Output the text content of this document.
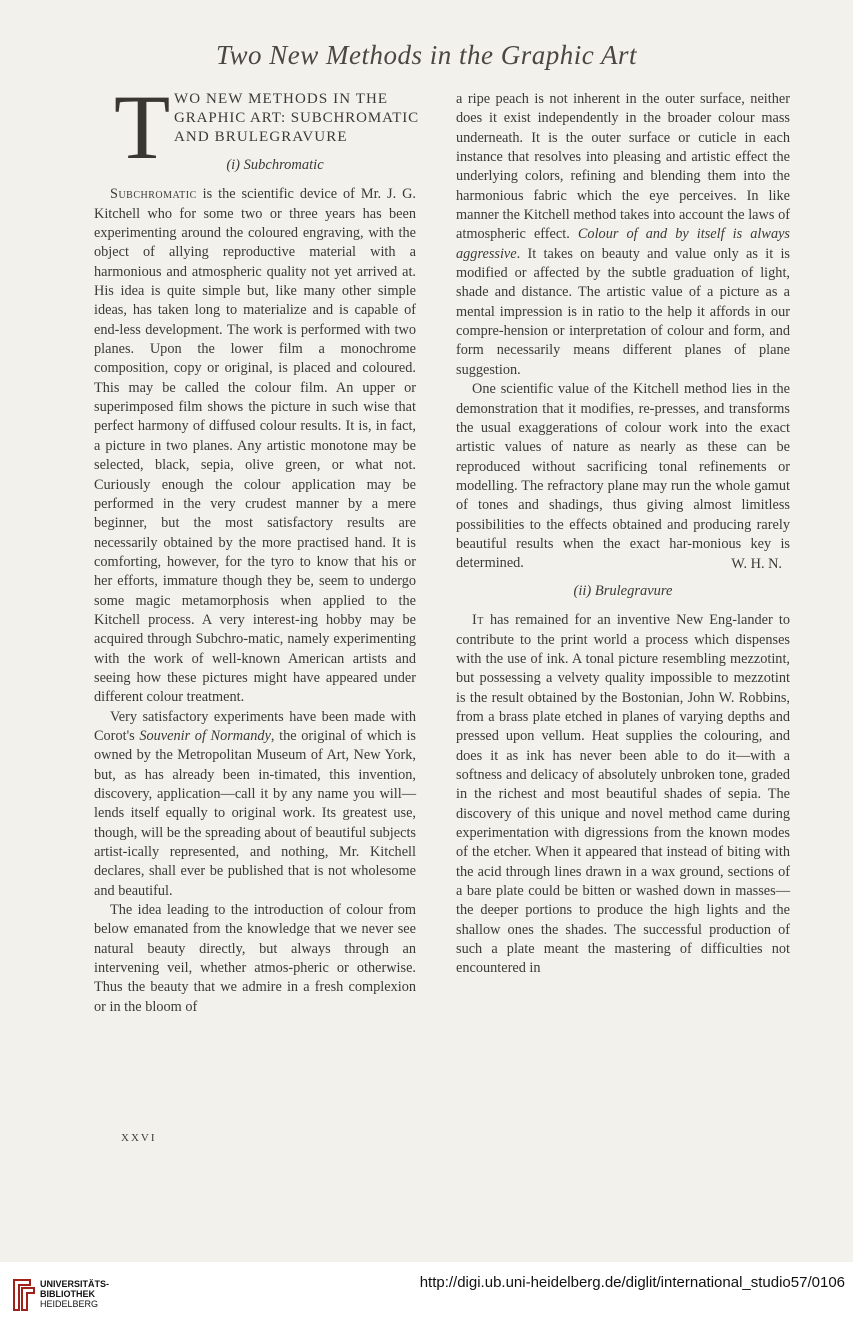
Two New Methods in the Graphic Art
T WO NEW METHODS IN THE
GRAPHIC ART: SUBCHROMATIC
AND BRULEGRAVURE
(i) Subchromatic

Subchromatic is the scientific device of Mr. J. G. Kitchell who for some two or three years has been experimenting around the coloured engraving, with the object of allying reproductive material with a harmonious and atmospheric quality not yet arrived at. His idea is quite simple but, like many other simple ideas, has taken long to materialize and is capable of end-less development. The work is performed with two planes. Upon the lower film a monochrome composition, copy or original, is placed and coloured. This may be called the colour film. An upper or superimposed film shows the picture in such wise that perfect harmony of diffused colour results. It is, in fact, a picture in two planes. Any artistic monotone may be selected, black, sepia, olive green, or what not. Curiously enough the colour application may be performed in the very crudest manner by a mere beginner, but the most satisfactory results are necessarily obtained by the more practised hand. It is comforting, however, for the tyro to know that his or her efforts, immature though they be, seem to undergo some magic metamorphosis when applied to the Kitchell process. A very interest-ing hobby may be acquired through Subchro-matic, namely experimenting with the work of well-known American artists and seeing how these pictures might have appeared under different colour treatment.

Very satisfactory experiments have been made with Corot's Souvenir of Normandy, the original of which is owned by the Metropolitan Museum of Art, New York, but, as has already been in-timated, this invention, discovery, application—call it by any name you will—lends itself equally to original work. Its greatest use, though, will be the spreading about of beautiful subjects artist-ically represented, and nothing, Mr. Kitchell declares, shall ever be published that is not wholesome and beautiful.

The idea leading to the introduction of colour from below emanated from the knowledge that we never see natural beauty directly, but always through an intervening veil, whether atmos-pheric or otherwise. Thus the beauty that we admire in a fresh complexion or in the bloom of

a ripe peach is not inherent in the outer surface, neither does it exist independently in the broader colour mass underneath. It is the outer surface or cuticle in each instance that resolves into pleasing and artistic effect the underlying colors, refining and blending them into the harmonious fabric which the eye perceives. In like manner the Kitchell method takes into account the laws of atmospheric effect. Colour of and by itself is always aggressive. It takes on beauty and value only as it is modified or affected by the subtle graduation of light, shade and distance. The artistic value of a picture as a mental impression is in ratio to the help it affords in our compre-hension or interpretation of colour and form, and form necessarily means different planes of plane suggestion.

One scientific value of the Kitchell method lies in the demonstration that it modifies, re-presses, and transforms the usual exaggerations of colour work into the exact artistic values of nature as nearly as these can be reproduced without sacrificing tonal refinements or modelling. The refractory plane may run the whole gamut of tones and shadings, thus giving almost limitless possibilities to the effects obtained and producing rarely beautiful results when the exact har-monious key is determined.	W. H. N.
(ii) Brulegravure

It has remained for an inventive New Eng-lander to contribute to the print world a process which dispenses with the use of ink. A tonal picture resembling mezzotint, but possessing a velvety quality impossible to mezzotint is the result obtained by the Bostonian, John W. Robbins, from a brass plate etched in planes of varying depths and pressed upon vellum. Heat supplies the colouring, and does it as ink has never been able to do it—with a softness and delicacy of absolutely unbroken tone, graded in the richest and most beautiful shades of sepia. The discovery of this unique and novel method came during experimentation with digressions from the known modes of the etcher. When it appeared that instead of biting with the acid through lines drawn in a wax ground, sections of a bare plate could be bitten or washed down in masses—the deeper portions to produce the high lights and the shallow ones the shades. The successful production of such a plate meant the mastering of difficulties not encountered in

XXVI
UNIVERSITÄTS-
BIBLIOTHEK
HEIDELBERG
http://digi.ub.uni-heidelberg.de/diglit/international_studio57/0106
